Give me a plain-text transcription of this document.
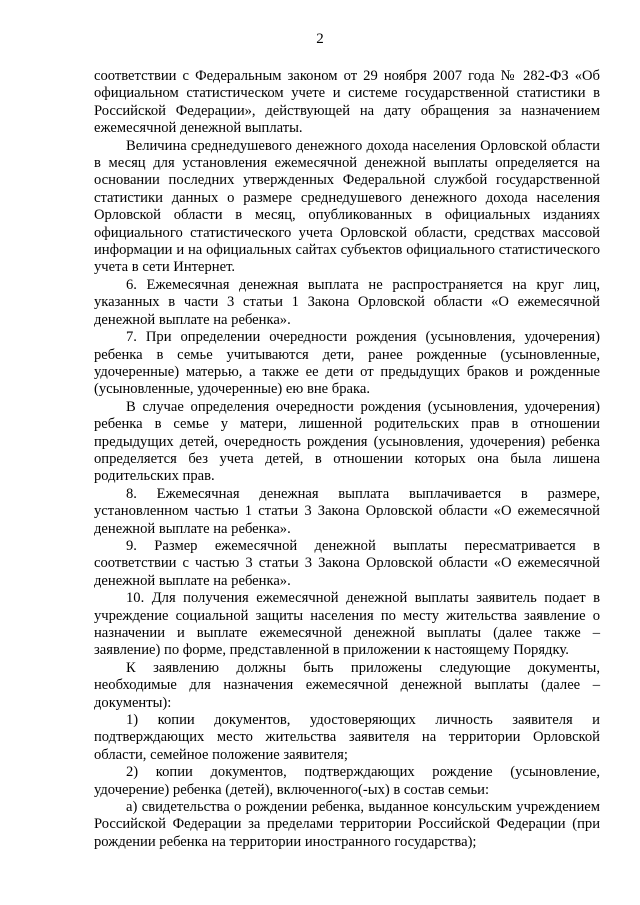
2

соответствии с Федеральным законом от 29 ноября 2007 года № 282-ФЗ «Об официальном статистическом учете и системе государственной статистики в Российской Федерации», действующей на дату обращения за назначением ежемесячной денежной выплаты.

Величина среднедушевого денежного дохода населения Орловской области в месяц для установления ежемесячной денежной выплаты определяется на основании последних утвержденных Федеральной службой государственной статистики данных о размере среднедушевого денежного дохода населения Орловской области в месяц, опубликованных в официальных изданиях официального статистического учета Орловской области, средствах массовой информации и на официальных сайтах субъектов официального статистического учета в сети Интернет.

6. Ежемесячная денежная выплата не распространяется на круг лиц, указанных в части 3 статьи 1 Закона Орловской области «О ежемесячной денежной выплате на ребенка».

7. При определении очередности рождения (усыновления, удочерения) ребенка в семье учитываются дети, ранее рожденные (усыновленные, удочеренные) матерью, а также ее дети от предыдущих браков и рожденные (усыновленные, удочеренные) ею вне брака.

В случае определения очередности рождения (усыновления, удочерения) ребенка в семье у матери, лишенной родительских прав в отношении предыдущих детей, очередность рождения (усыновления, удочерения) ребенка определяется без учета детей, в отношении которых она была лишена родительских прав.

8. Ежемесячная денежная выплата выплачивается в размере, установленном частью 1 статьи 3 Закона Орловской области «О ежемесячной денежной выплате на ребенка».

9. Размер ежемесячной денежной выплаты пересматривается в соответствии с частью 3 статьи 3 Закона Орловской области «О ежемесячной денежной выплате на ребенка».

10. Для получения ежемесячной денежной выплаты заявитель подает в учреждение социальной защиты населения по месту жительства заявление о назначении и выплате ежемесячной денежной выплаты (далее также – заявление) по форме, представленной в приложении к настоящему Порядку.

К заявлению должны быть приложены следующие документы, необходимые для назначения ежемесячной денежной выплаты (далее – документы):

1) копии документов, удостоверяющих личность заявителя и подтверждающих место жительства заявителя на территории Орловской области, семейное положение заявителя;

2) копии документов, подтверждающих рождение (усыновление, удочерение) ребенка (детей), включенного(-ых) в состав семьи:

а) свидетельства о рождении ребенка, выданное консульским учреждением Российской Федерации за пределами территории Российской Федерации (при рождении ребенка на территории иностранного государства);
